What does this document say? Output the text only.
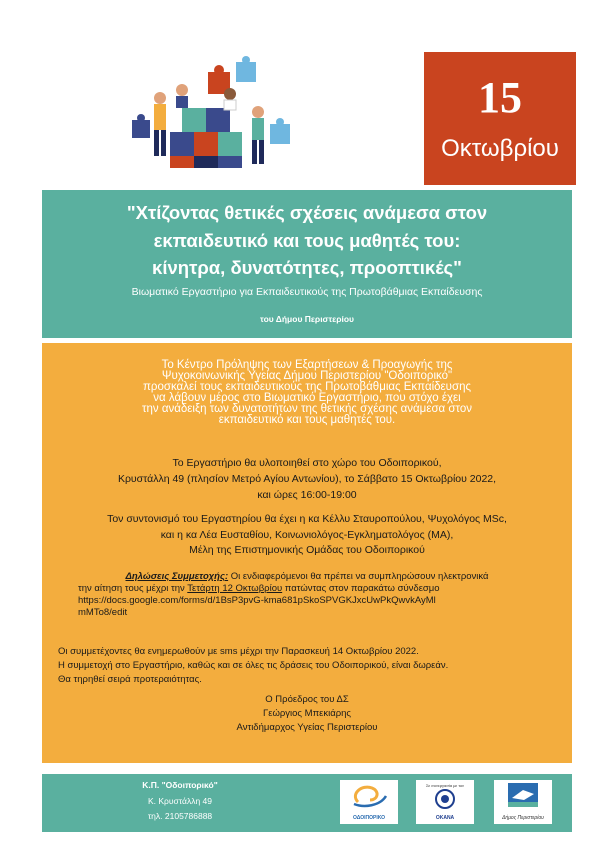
15
Οκτωβρίου
"Χτίζοντας θετικές σχέσεις ανάμεσα στον
εκπαιδευτικό και τους μαθητές του:
κίνητρα, δυνατότητες, προοπτικές"
Βιωματικό Εργαστήριο για Εκπαιδευτικούς της Πρωτοβάθμιας Εκπαίδευσης
του Δήμου Περιστερίου
Το Κέντρο Πρόληψης των Εξαρτήσεων & Προαγωγής της
Ψυχοκοινωνικής Υγείας Δήμου Περιστερίου "Οδοιπορικό"
προσκαλεί τους εκπαιδευτικούς της Πρωτοβάθμιας Εκπαίδευσης
να λάβουν μέρος στο Βιωματικό Εργαστήριο, που στόχο έχει
την ανάδειξη των δυνατοτήτων της θετικής σχέσης ανάμεσα στον
εκπαιδευτικό και τους μαθητές του.
Το Εργαστήριο θα υλοποιηθεί στο χώρο του Οδοιπορικού,
Κρυστάλλη 49 (πλησίον Μετρό Αγίου Αντωνίου), το Σάββατο 15 Οκτωβρίου 2022,
και ώρες 16:00-19:00
Τον συντονισμό του Εργαστηρίου θα έχει η κα Κέλλυ Σταυροπούλου, Ψυχολόγος MSc,
και η κα Λέα Ευσταθίου, Κοινωνιολόγος-Εγκληματολόγος (MA),
Μέλη της Επιστημονικής Ομάδας του Οδοιπορικού
Δηλώσεις Συμμετοχής: Οι ενδιαφερόμενοι θα πρέπει να συμπληρώσουν ηλεκτρονικά
την αίτηση τους μέχρι την Τετάρτη 12 Οκτωβρίου πατώντας στον παρακάτω σύνδεσμο
https://docs.google.com/forms/d/1BsP3pvG-kma681pSkoSPVGKJxcUwPkQwvkAyMl
mMTo8/edit
Οι συμμετέχοντες θα ενημερωθούν με sms μέχρι την Παρασκευή 14 Οκτωβρίου 2022.
Η συμμετοχή στο Εργαστήριο, καθώς και σε όλες τις δράσεις του Οδοιπορικού, είναι δωρεάν.
Θα τηρηθεί σειρά προτεραιότητας.
Ο Πρόεδρος του ΔΣ
Γεώργιος Μπεκιάρης
Αντιδήμαρχος Υγείας Περιστερίου
Κ.Π. "Οδοιπορικό"
Κ. Κρυστάλλη 49
τηλ. 2105786888	ΟΔΟΙΠΟΡΙΚΟ
Σε συνεργασία με τον
ΟΚΑΝΑ	Δήμος Περιστερίου
